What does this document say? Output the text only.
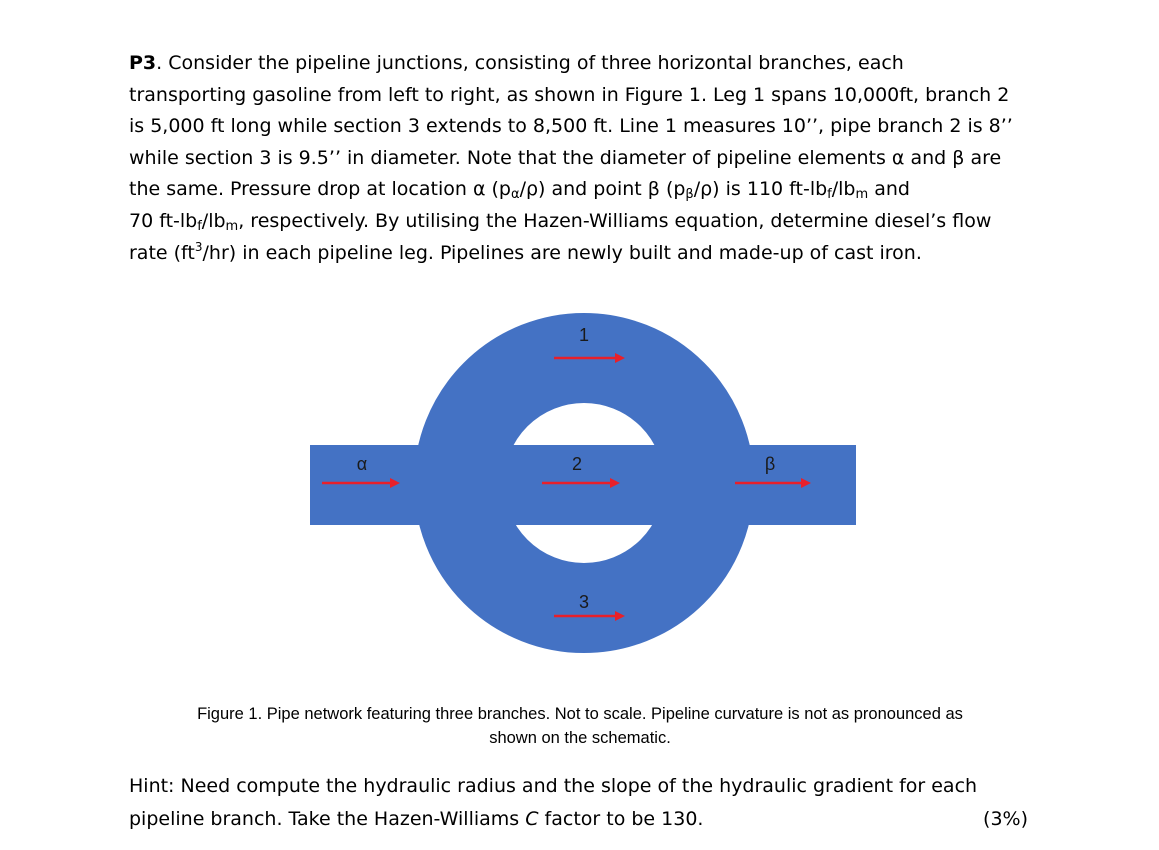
P3. Consider the pipeline junctions, consisting of three horizontal branches, each
transporting gasoline from left to right, as shown in Figure 1. Leg 1 spans 10,000ft, branch 2
is 5,000 ft long while section 3 extends to 8,500 ft. Line 1 measures 10’’, pipe branch 2 is 8’’
while section 3 is 9.5’’ in diameter. Note that the diameter of pipeline elements α and β are
the same. Pressure drop at location α $(p_\alpha/\rho)$ and point β $(p_\beta/\rho)$ is 110 $ft-lb_f/lb_m$ and
70 $ft-lb_f/lb_m$, respectively. By utilising the Hazen-Williams equation, determine diesel’s flow
rate $(ft^3/hr)$ in each pipeline leg. Pipelines are newly built and made-up of cast iron.
1
α	2	β
3
Figure 1. Pipe network featuring three branches. Not to scale. Pipeline curvature is not as pronounced as
shown on the schematic.
Hint: Need compute the hydraulic radius and the slope of the hydraulic gradient for each
pipeline branch. Take the Hazen-Williams C factor to be 130.	(3%)
